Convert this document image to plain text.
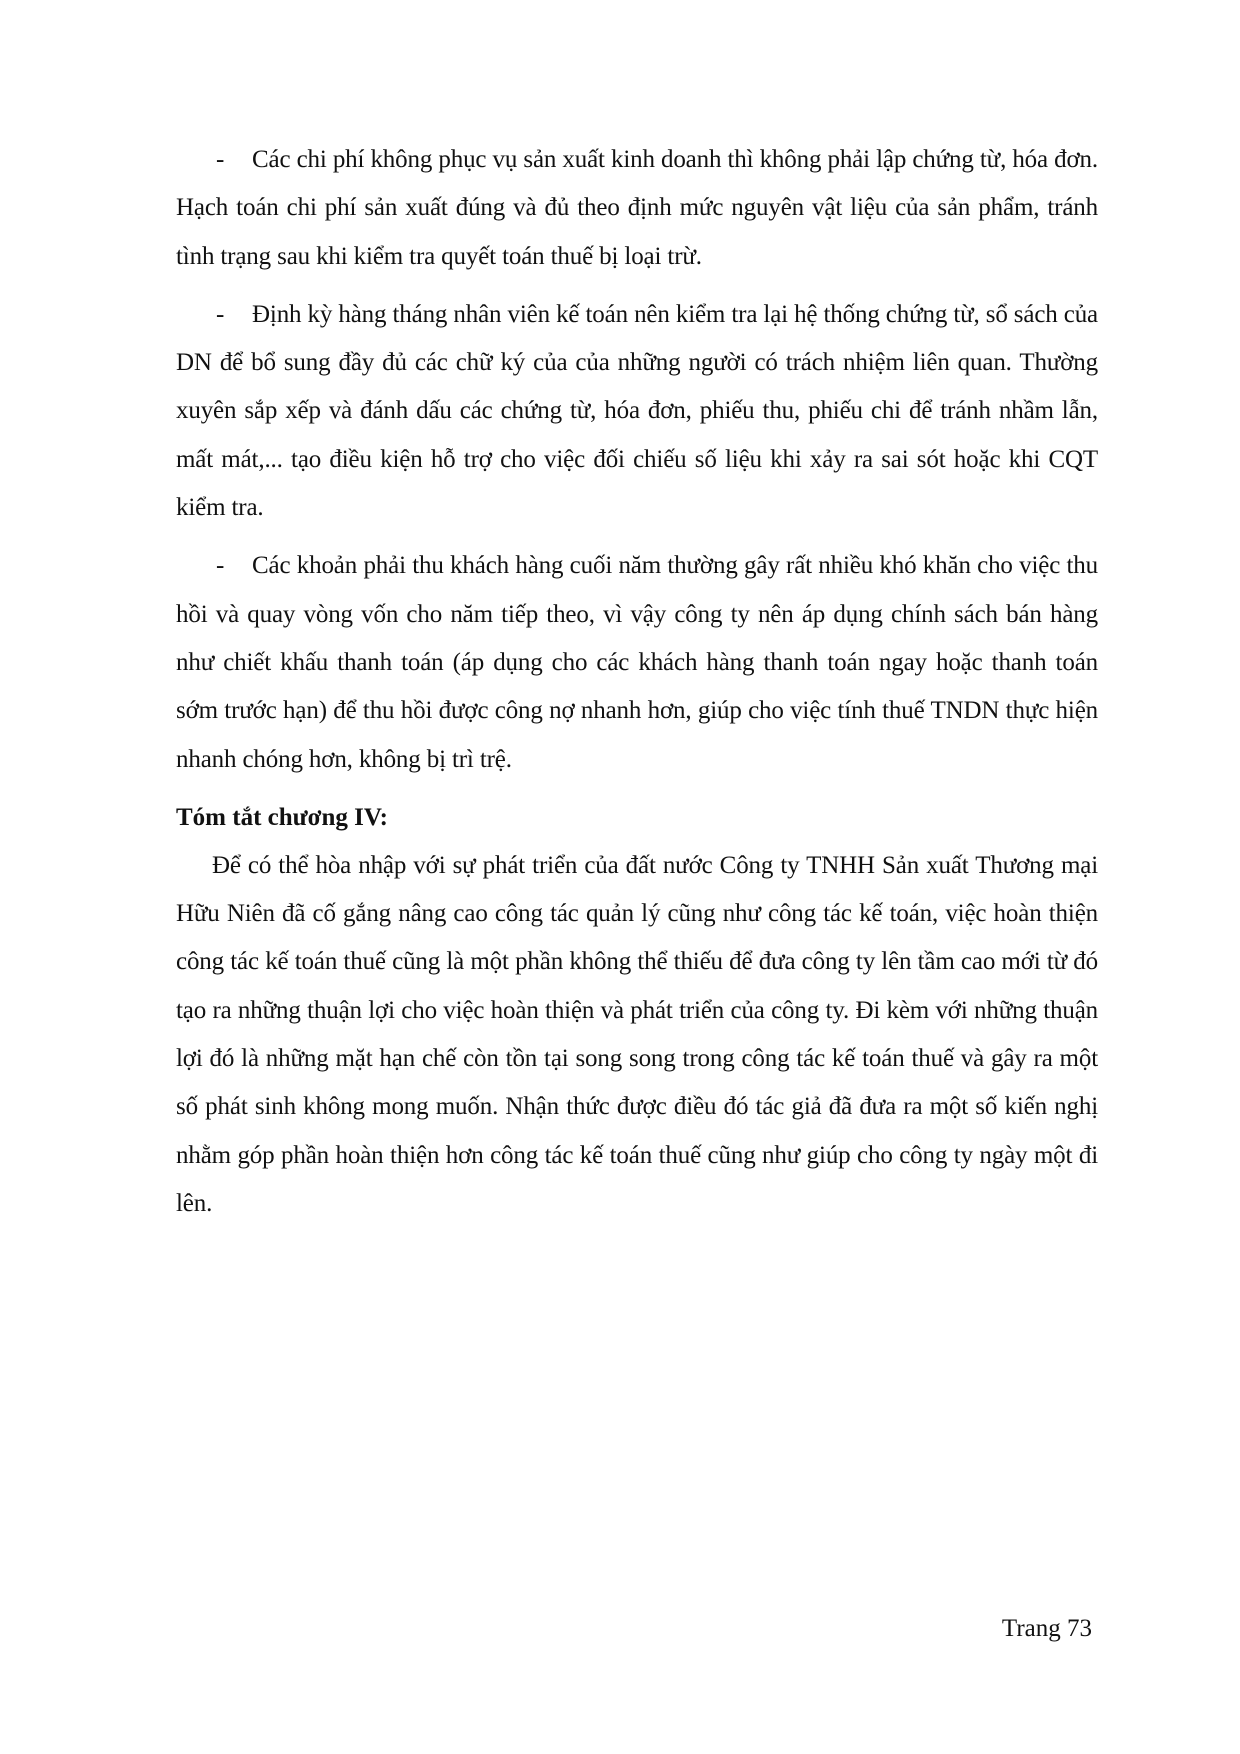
- Các chi phí không phục vụ sản xuất kinh doanh thì không phải lập chứng từ, hóa đơn. Hạch toán chi phí sản xuất đúng và đủ theo định mức nguyên vật liệu của sản phẩm, tránh tình trạng sau khi kiểm tra quyết toán thuế bị loại trừ.

- Định kỳ hàng tháng nhân viên kế toán nên kiểm tra lại hệ thống chứng từ, sổ sách của DN để bổ sung đầy đủ các chữ ký của của những người có trách nhiệm liên quan. Thường xuyên sắp xếp và đánh dấu các chứng từ, hóa đơn, phiếu thu, phiếu chi để tránh nhầm lẫn, mất mát,... tạo điều kiện hỗ trợ cho việc đối chiếu số liệu khi xảy ra sai sót hoặc khi CQT kiểm tra.

- Các khoản phải thu khách hàng cuối năm thường gây rất nhiều khó khăn cho việc thu hồi và quay vòng vốn cho năm tiếp theo, vì vậy công ty nên áp dụng chính sách bán hàng như chiết khấu thanh toán (áp dụng cho các khách hàng thanh toán ngay hoặc thanh toán sớm trước hạn) để thu hồi được công nợ nhanh hơn, giúp cho việc tính thuế TNDN thực hiện nhanh chóng hơn, không bị trì trệ.

Tóm tắt chương IV:

Để có thể hòa nhập với sự phát triển của đất nước Công ty TNHH Sản xuất Thương mại Hữu Niên đã cố gắng nâng cao công tác quản lý cũng như công tác kế toán, việc hoàn thiện công tác kế toán thuế cũng là một phần không thể thiếu để đưa công ty lên tầm cao mới từ đó tạo ra những thuận lợi cho việc hoàn thiện và phát triển của công ty. Đi kèm với những thuận lợi đó là những mặt hạn chế còn tồn tại song song trong công tác kế toán thuế và gây ra một số phát sinh không mong muốn. Nhận thức được điều đó tác giả đã đưa ra một số kiến nghị nhằm góp phần hoàn thiện hơn công tác kế toán thuế cũng như giúp cho công ty ngày một đi lên.

Trang 73
